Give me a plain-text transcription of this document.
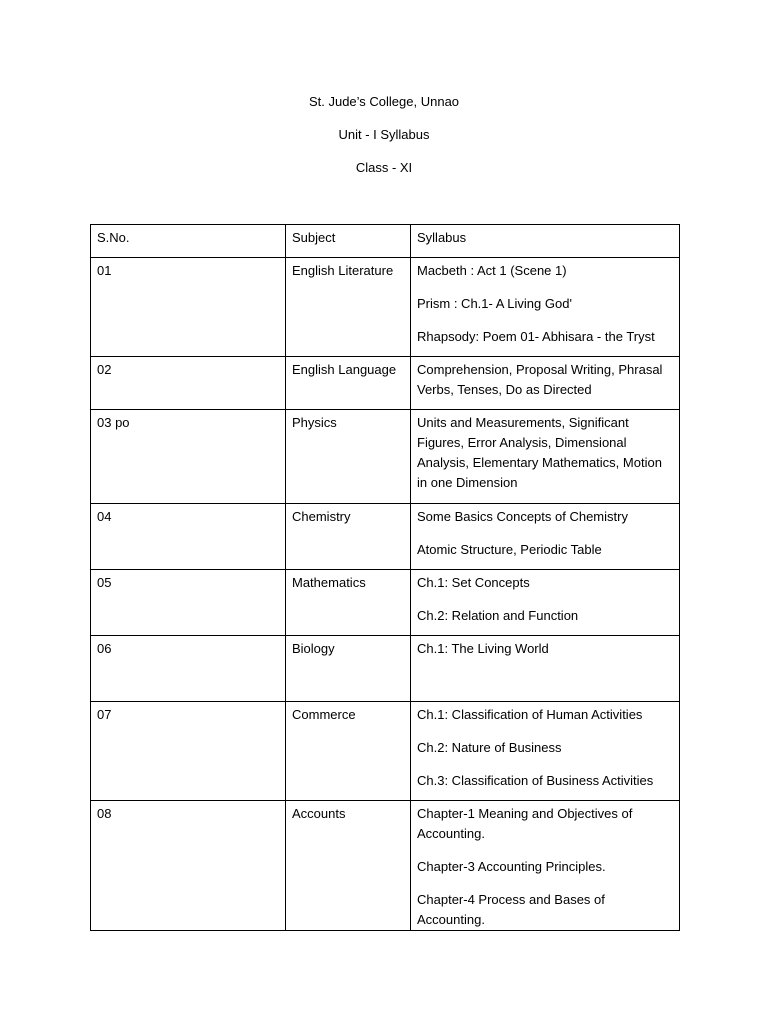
St. Jude’s College, Unnao
Unit - I Syllabus
Class - XI
S.No.	Subject	Syllabus
01	English Literature	Macbeth : Act 1 (Scene 1)
Prism : Ch.1- A Living God'
Rhapsody: Poem 01- Abhisara - the Tryst

02	English Language	Comprehension, Proposal Writing, Phrasal Verbs, Tenses, Do as Directed

03 po	Physics	Units and Measurements, Significant Figures, Error Analysis, Dimensional Analysis, Elementary Mathematics, Motion in one Dimension

04	Chemistry	Some Basics Concepts of Chemistry
Atomic Structure, Periodic Table

05	Mathematics	Ch.1: Set Concepts
Ch.2: Relation and Function

06	Biology	Ch.1: The Living World

07	Commerce	Ch.1: Classification of Human Activities
Ch.2: Nature of Business
Ch.3: Classification of Business Activities

08	Accounts	Chapter-1 Meaning and Objectives of Accounting.
Chapter-3 Accounting Principles.
Chapter-4 Process and Bases of Accounting.
